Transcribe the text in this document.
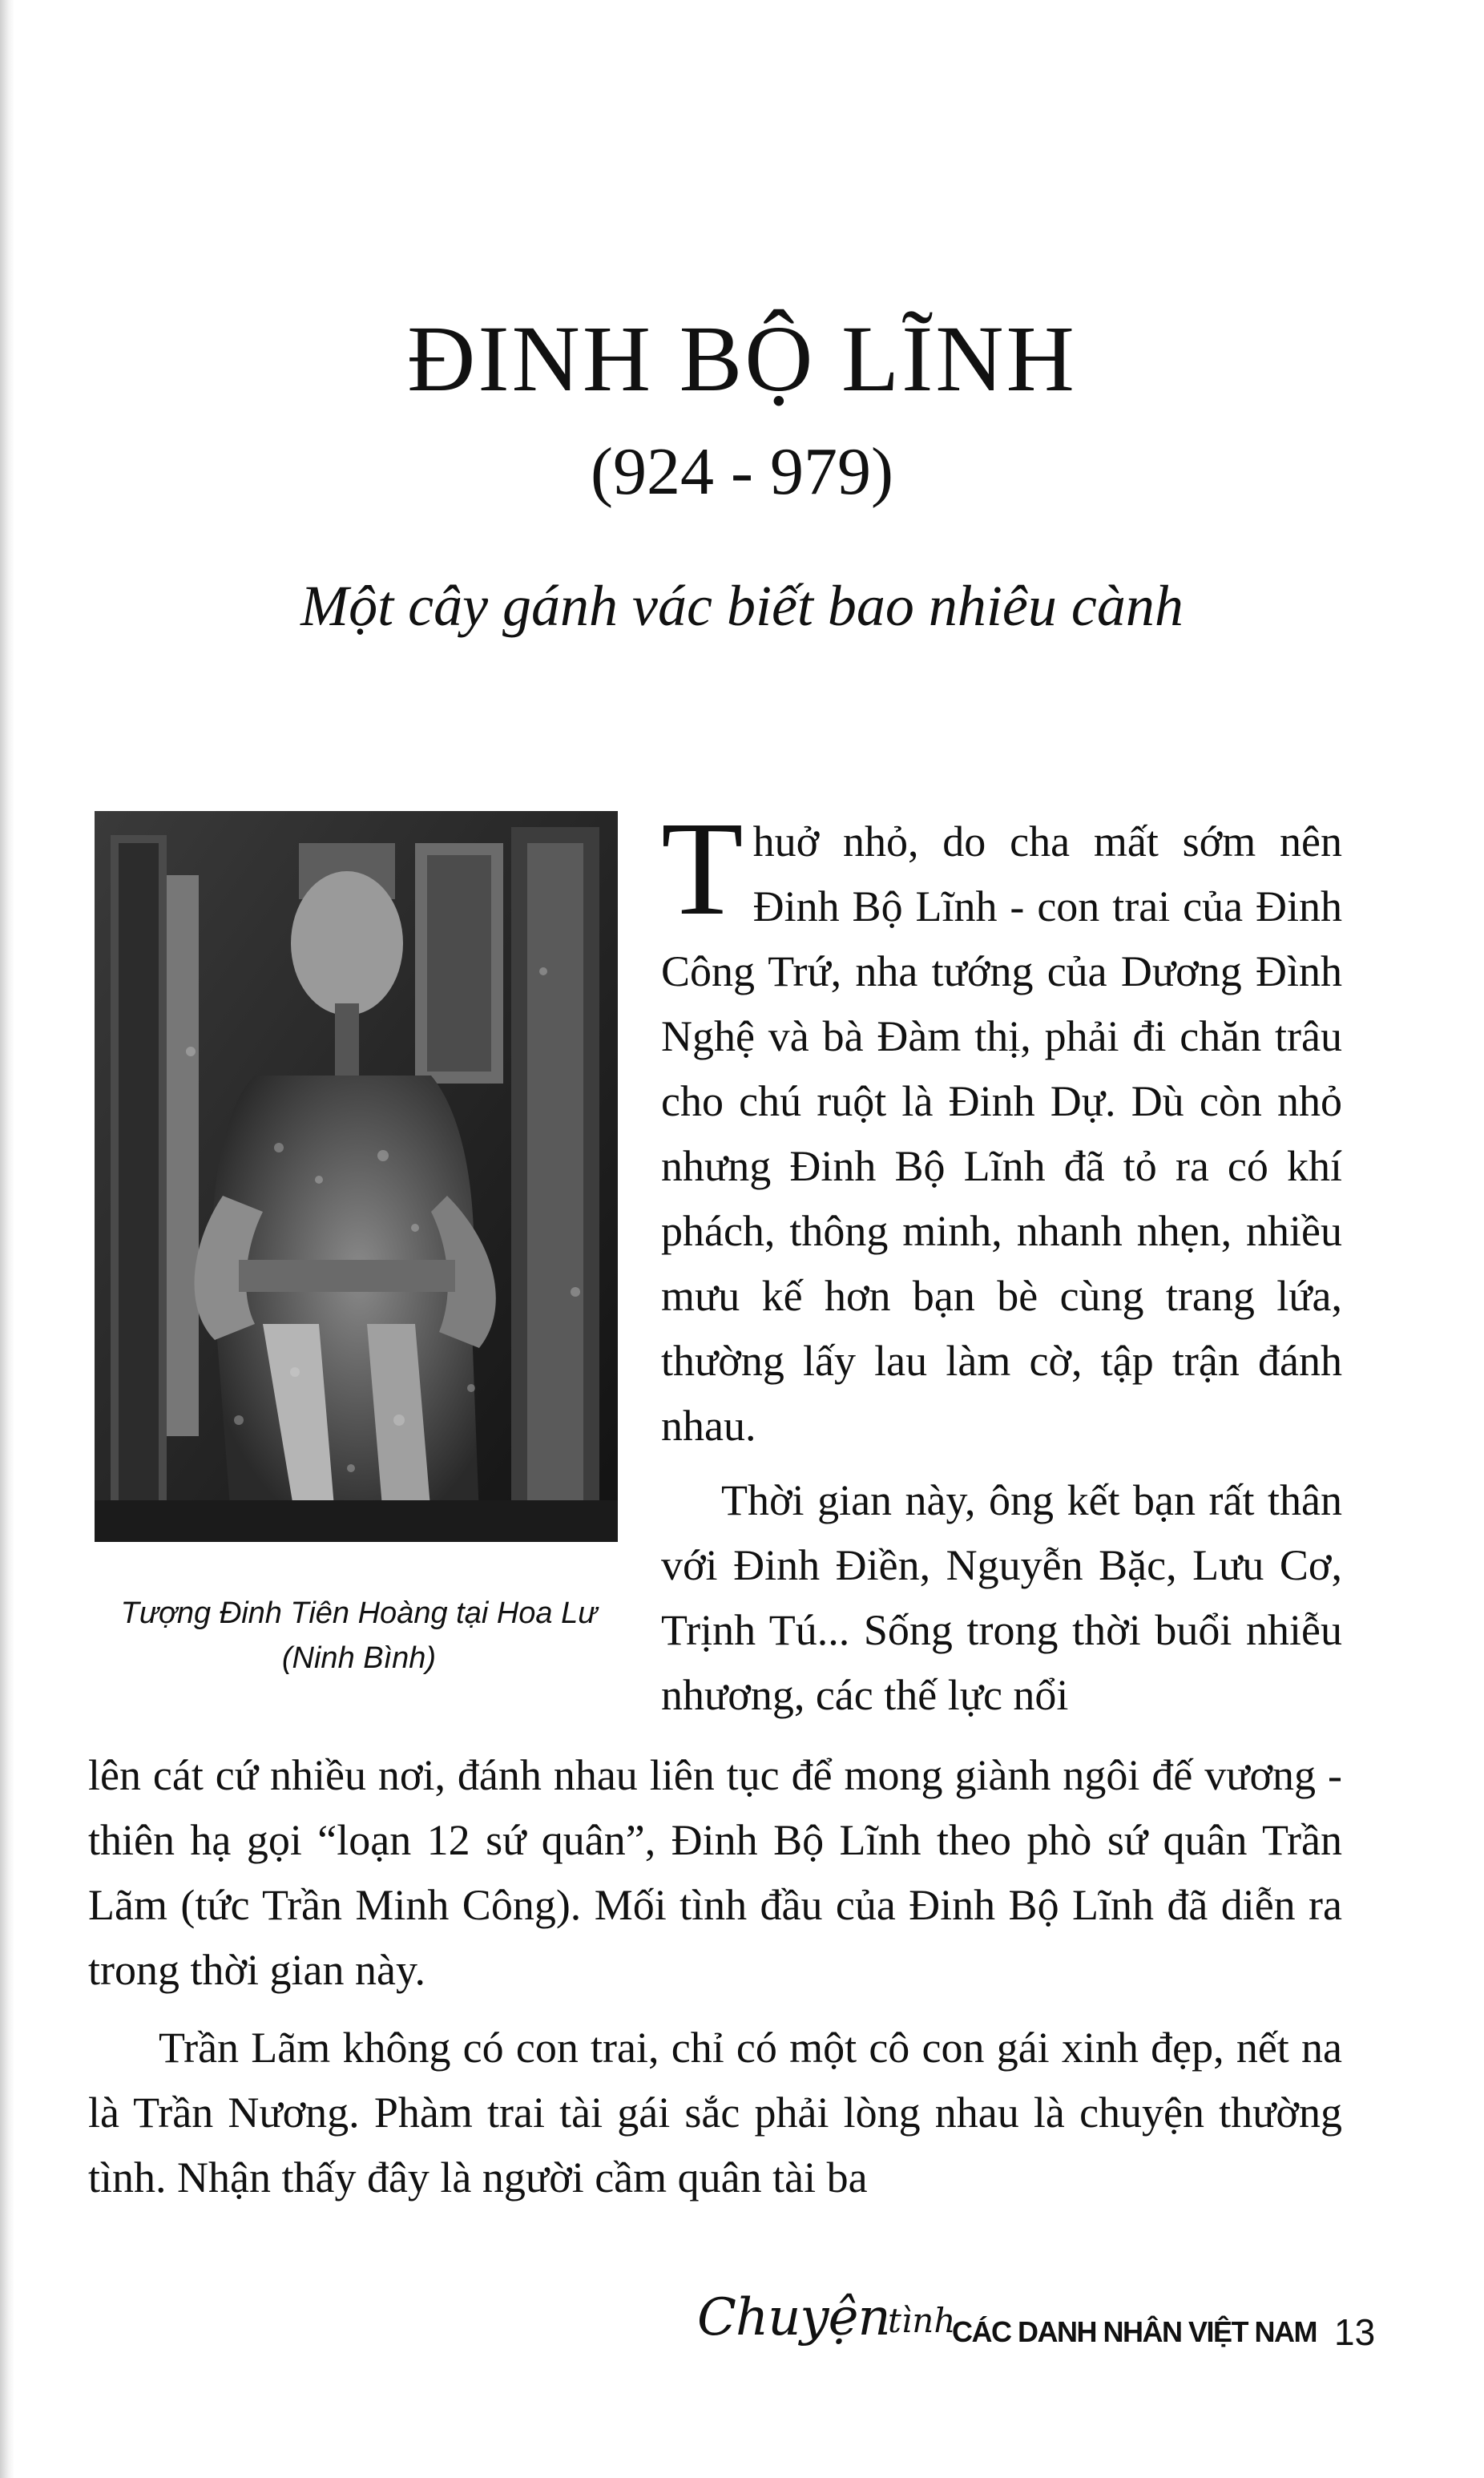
ĐINH BỘ LĨNH
(924 - 979)
Một cây gánh vác biết bao nhiêu cành
Tượng Đinh Tiên Hoàng tại Hoa Lư
(Ninh Bình)

Thuở nhỏ, do cha mất sớm nên Đinh Bộ Lĩnh - con trai của Đinh Công Trứ, nha tướng của Dương Đình Nghệ và bà Đàm thị, phải đi chăn trâu cho chú ruột là Đinh Dự. Dù còn nhỏ nhưng Đinh Bộ Lĩnh đã tỏ ra có khí phách, thông minh, nhanh nhẹn, nhiều mưu kế hơn bạn bè cùng trang lứa, thường lấy lau làm cờ, tập trận đánh nhau.

Thời gian này, ông kết bạn rất thân với Đinh Điền, Nguyễn Bặc, Lưu Cơ, Trịnh Tú... Sống trong thời buổi nhiễu nhương, các thế lực nổi

lên cát cứ nhiều nơi, đánh nhau liên tục để mong giành ngôi đế vương - thiên hạ gọi “loạn 12 sứ quân”, Đinh Bộ Lĩnh theo phò sứ quân Trần Lãm (tức Trần Minh Công). Mối tình đầu của Đinh Bộ Lĩnh đã diễn ra trong thời gian này.

Trần Lãm không có con trai, chỉ có một cô con gái xinh đẹp, nết na là Trần Nương. Phàm trai tài gái sắc phải lòng nhau là chuyện thường tình. Nhận thấy đây là người cầm quân tài ba

Chuyện
tình
CÁC DANH NHÂN VIỆT NAM 13
